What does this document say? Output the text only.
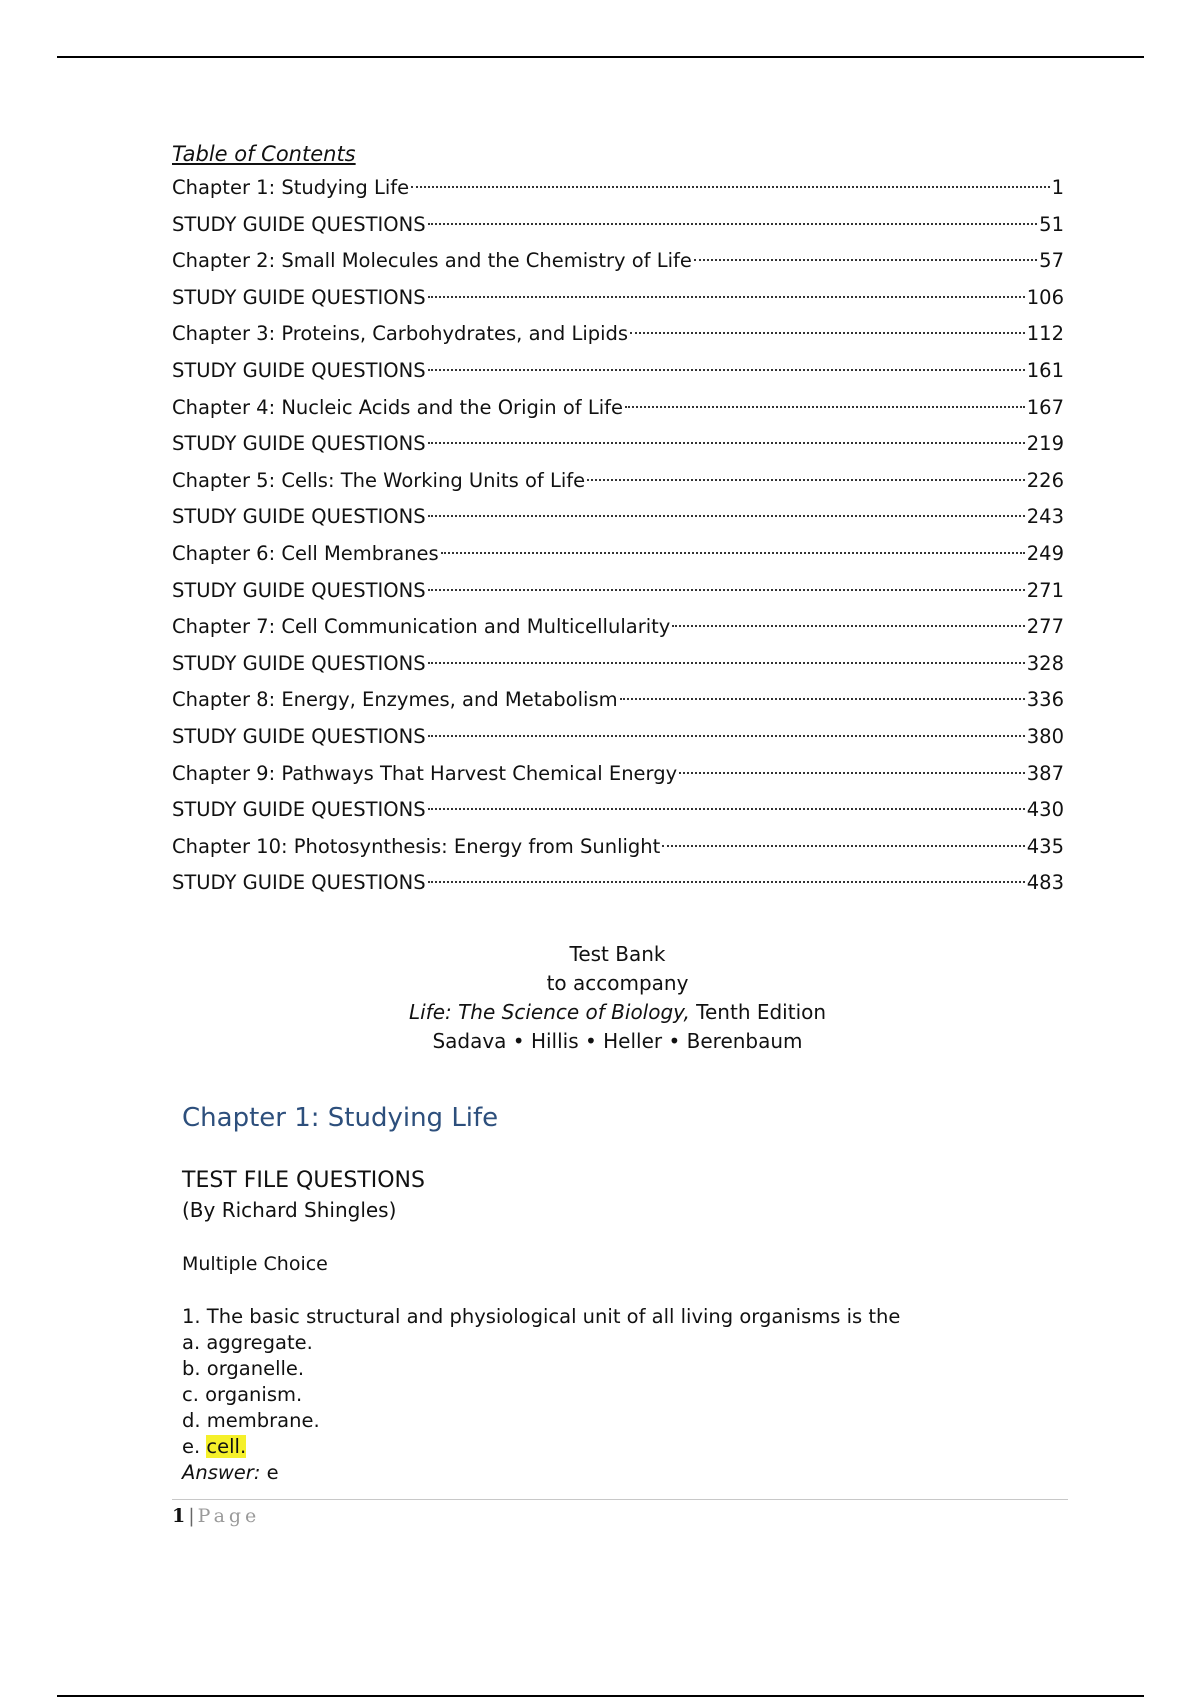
Table of Contents
Chapter 1: Studying Life	1
STUDY GUIDE QUESTIONS	51
Chapter 2: Small Molecules and the Chemistry of Life	57
STUDY GUIDE QUESTIONS	106
Chapter 3: Proteins, Carbohydrates, and Lipids	112
STUDY GUIDE QUESTIONS	161
Chapter 4: Nucleic Acids and the Origin of Life	167
STUDY GUIDE QUESTIONS	219
Chapter 5: Cells: The Working Units of Life	226
STUDY GUIDE QUESTIONS	243
Chapter 6: Cell Membranes	249
STUDY GUIDE QUESTIONS	271
Chapter 7: Cell Communication and Multicellularity	277
STUDY GUIDE QUESTIONS	328
Chapter 8: Energy, Enzymes, and Metabolism	336
STUDY GUIDE QUESTIONS	380
Chapter 9: Pathways That Harvest Chemical Energy	387
STUDY GUIDE QUESTIONS	430
Chapter 10: Photosynthesis: Energy from Sunlight	435
STUDY GUIDE QUESTIONS	483
Test Bank
to accompany
Life: The Science of Biology, Tenth Edition
Sadava • Hillis • Heller • Berenbaum
Chapter 1: Studying Life
TEST FILE QUESTIONS
(By Richard Shingles)
Multiple Choice
1. The basic structural and physiological unit of all living organisms is the
a. aggregate.
b. organelle.
c. organism.
d. membrane.
e. cell.
Answer: e
1 | Page
